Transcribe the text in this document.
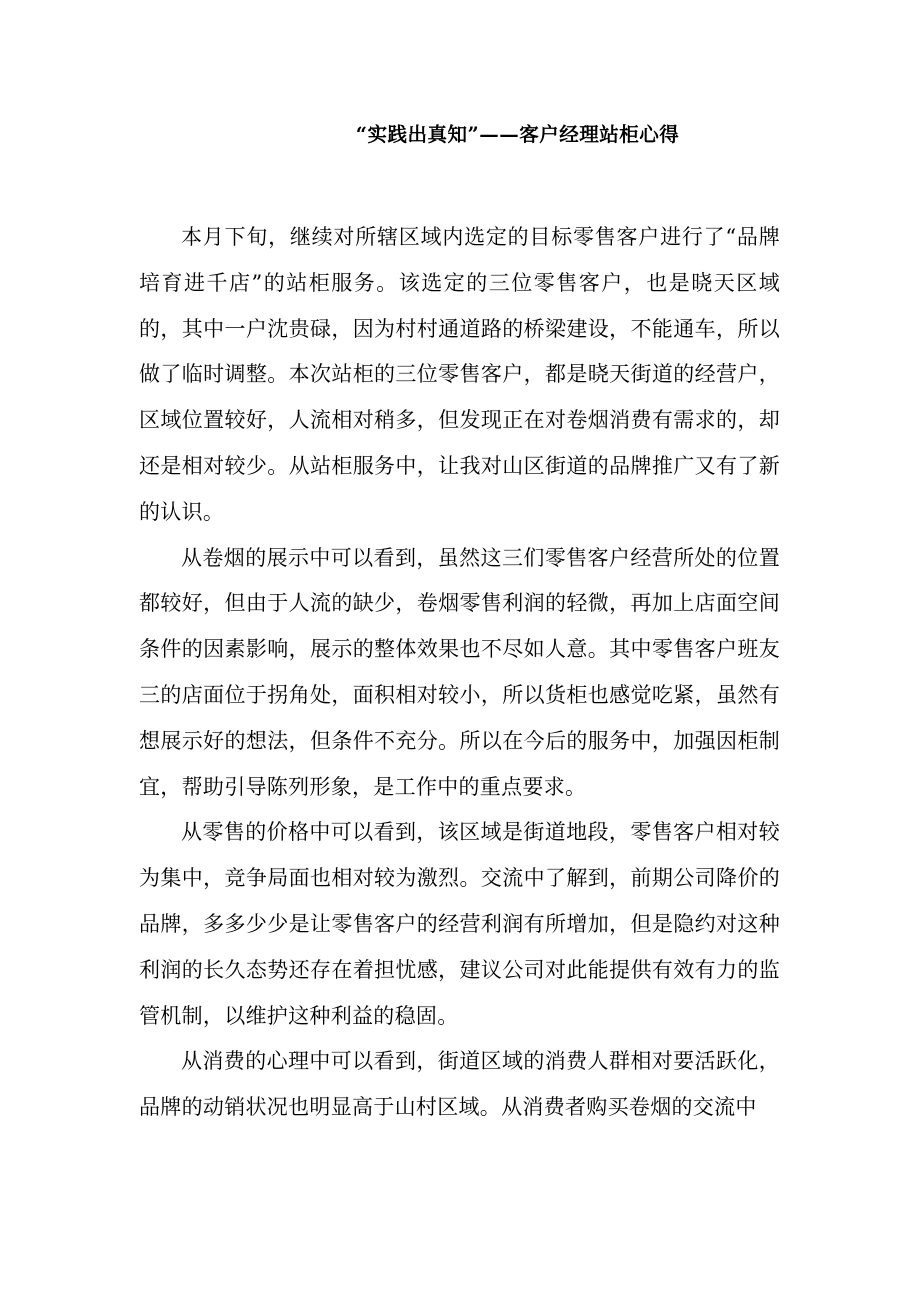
“实践出真知”——客户经理站柜心得

本月下旬，继续对所辖区域内选定的目标零售客户进行了“品牌培育进千店”的站柜服务。该选定的三位零售客户，也是晓天区域的，其中一户沈贵碌，因为村村通道路的桥梁建设，不能通车，所以做了临时调整。本次站柜的三位零售客户，都是晓天街道的经营户，区域位置较好，人流相对稍多，但发现正在对卷烟消费有需求的，却还是相对较少。从站柜服务中，让我对山区街道的品牌推广又有了新的认识。

从卷烟的展示中可以看到，虽然这三们零售客户经营所处的位置都较好，但由于人流的缺少，卷烟零售利润的轻微，再加上店面空间条件的因素影响，展示的整体效果也不尽如人意。其中零售客户班友三的店面位于拐角处，面积相对较小，所以货柜也感觉吃紧，虽然有想展示好的想法，但条件不充分。所以在今后的服务中，加强因柜制宜，帮助引导陈列形象，是工作中的重点要求。

从零售的价格中可以看到，该区域是街道地段，零售客户相对较为集中，竞争局面也相对较为激烈。交流中了解到，前期公司降价的品牌，多多少少是让零售客户的经营利润有所增加，但是隐约对这种利润的长久态势还存在着担忧感，建议公司对此能提供有效有力的监管机制，以维护这种利益的稳固。

从消费的心理中可以看到，街道区域的消费人群相对要活跃化，品牌的动销状况也明显高于山村区域。从消费者购买卷烟的交流中
